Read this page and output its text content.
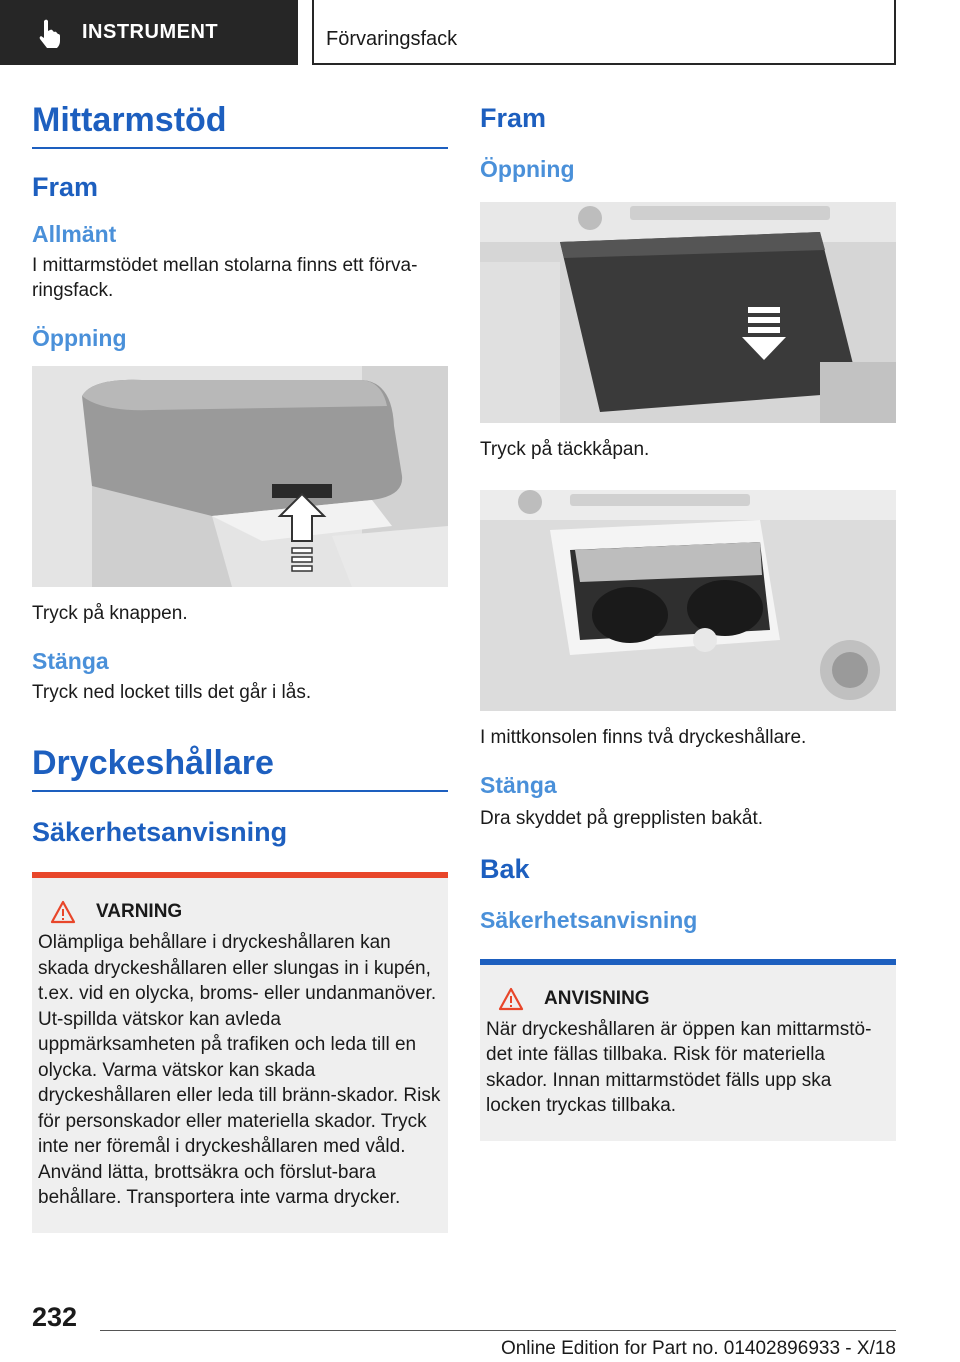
INSTRUMENT	Förvaringsfack
Mittarmstöd
Fram
Allmänt
I mittarmstödet mellan stolarna finns ett förva-ringsfack.
Öppning
Tryck på knappen.
Stänga
Tryck ned locket tills det går i lås.
Dryckeshållare
Säkerhetsanvisning
VARNING
Olämpliga behållare i dryckeshållaren kan skada dryckeshållaren eller slungas in i kupén, t.ex. vid en olycka, broms- eller undanmanöver. Ut-spillda vätskor kan avleda uppmärksamheten på trafiken och leda till en olycka. Varma vätskor kan skada dryckeshållaren eller leda till bränn-skador. Risk för personskador eller materiella skador. Tryck inte ner föremål i dryckeshållaren med våld. Använd lätta, brottsäkra och förslut-bara behållare. Transportera inte varma drycker.
Fram
Öppning
Tryck på täckkåpan.
I mittkonsolen finns två dryckeshållare.
Stänga
Dra skyddet på grepplisten bakåt.
Bak
Säkerhetsanvisning
ANVISNING
När dryckeshållaren är öppen kan mittarmstö-det inte fällas tillbaka. Risk för materiella skador. Innan mittarmstödet fälls upp ska locken tryckas tillbaka.
232
Online Edition for Part no. 01402896933 - X/18
